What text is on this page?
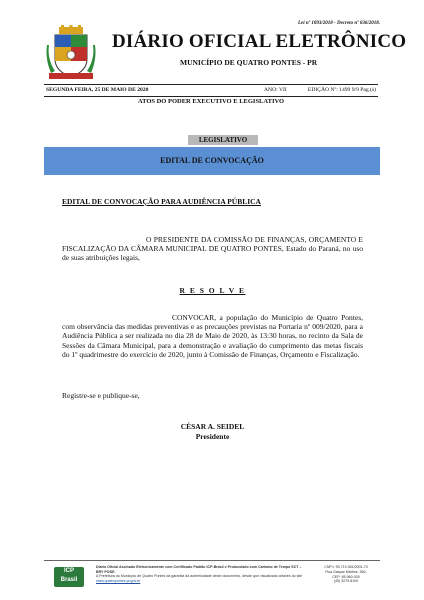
Lei nº 1093/2018 - Decreto nº 036/2018.
DIÁRIO OFICIAL ELETRÔNICO
MUNICÍPIO DE QUATRO PONTES - PR
SEGUNDA FEIRA, 25 DE MAIO DE 2020	ANO: VII	EDIÇÃO Nº: 1499 9/9 Pag.(s)
ATOS DO PODER EXECUTIVO E LEGISLATIVO
LEGISLATIVO
EDITAL DE CONVOCAÇÃO
EDITAL DE CONVOCAÇÃO PARA AUDIÊNCIA PÚBLICA
O PRESIDENTE DA COMISSÃO DE FINANÇAS, ORÇAMENTO E FISCALIZAÇÃO DA CÂMARA MUNICIPAL DE QUATRO PONTES, Estado do Paraná, no uso de suas atribuições legais,
R E S O L V E
CONVOCAR, a população do Município de Quatro Pontes, com observância das medidas preventivas e as precauções previstas na Portaria nº 009/2020, para a Audiência Pública a ser realizada no dia 28 de Maio de 2020, às 13:30 horas, no recinto da Sala de Sessões da Câmara Municipal, para a demonstração e avaliação do cumprimento das metas fiscais do 1º quadrimestre do exercício de 2020, junto à Comissão de Finanças, Orçamento e Fiscalização.
Registre-se e publique-se,
CÉSAR A. SEIDEL
Presidente
ICP
Brasil
Diário Oficial Assinado Eletronicamente com Certificado Padrão ICP-Brasil e Protocolado com Carimbo de Tempo SCT – BRY PODE.
A Prefeitura do Município de Quatro Pontes da garantia da autenticidade deste documento, desde que visualizado através do site www.quatropontes.pr.gov.br
CNPJ: 95.719.381/0001-70
Rua Gaspar Martins, 560,
CEP: 85.960-000
(45) 3279-8100
